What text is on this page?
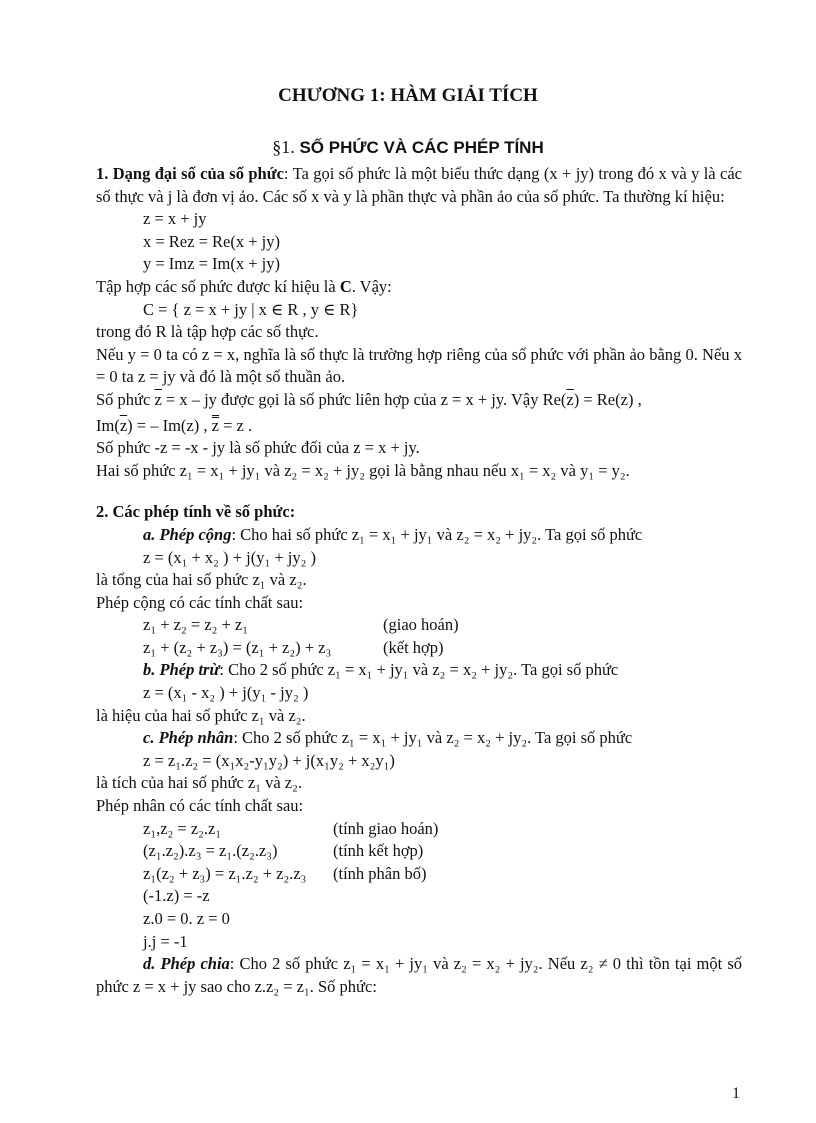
CHƯƠNG 1: HÀM GIẢI TÍCH
§1. SỐ PHỨC VÀ CÁC PHÉP TÍNH

1. Dạng đại số của số phức: Ta gọi số phức là một biểu thức dạng (x + jy) trong đó x và y là các số thực và j là đơn vị ảo. Các số x và y là phần thực và phần ảo của số phức. Ta thường kí hiệu:

z = x + jy

x = Rez = Re(x + jy)

y = Imz = Im(x + jy)

Tập hợp các số phức được kí hiệu là C. Vậy:

C = { z = x + jy | x ∈ R , y ∈ R}

trong đó R là tập hợp các số thực.

Nếu y = 0 ta có z = x, nghĩa là số thực là trường hợp riêng của số phức với phần ảo bằng 0. Nếu x = 0 ta z = jy và đó là một số thuần ảo.

Số phức $\overline{z} = x$ – jy được gọi là số phức liên hợp của z = x + jy. Vậy $Re(\overline{z}) = Re(z)$ ,

$Im(\overline{z})$ = – Im(z) , z = z .

Số phức -z = -x - jy là số phức đối của z = x + jy.

Hai số phức z₁ = x₁ + jy₁ và z₂ = x₂ + jy₂ gọi là bằng nhau nếu x₁ = x₂ và y₁ = y₂.

2. Các phép tính về số phức:

a. Phép cộng: Cho hai số phức z₁ = x₁ + jy₁ và z₂ = x₂ + jy₂. Ta gọi số phức

z = (x₁ + x₂ ) + j(y₁ + jy₂ )

là tổng của hai số phức z₁ và z₂.

Phép cộng có các tính chất sau:

z₁ + z₂ = z₂ + z₁	(giao hoán)
z₁ + (z₂ + z₃) = (z₁ + z₂) + z₃	(kết hợp)

b. Phép trừ: Cho 2 số phức z₁ = x₁ + jy₁ và z₂ = x₂ + jy₂. Ta gọi số phức

z = (x₁ - x₂ ) + j(y₁ - jy₂ )

là hiệu của hai số phức z₁ và z₂.

c. Phép nhân: Cho 2 số phức z₁ = x₁ + jy₁ và z₂ = x₂ + jy₂. Ta gọi số phức

z = z₁.z₂ = (x₁x₂-y₁y₂) + j(x₁y₂ + x₂y₁)

là tích của hai số phức z₁ và z₂.

Phép nhân có các tính chất sau:

z₁,z₂ = z₂.z₁	(tính giao hoán)
(z₁.z₂).z₃ = z₁.(z₂.z₃)	(tính kết hợp)
z₁(z₂ + z₃) = z₁.z₂ + z₂.z₃	(tính phân bố)

(-1.z) = -z

z.0 = 0. z = 0

j.j = -1

d. Phép chia: Cho 2 số phức z₁ = x₁ + jy₁ và z₂ = x₂ + jy₂. Nếu z₂ ≠ 0 thì tồn tại một số phức z = x + jy sao cho z.z₂ = z₁. Số phức:

1
